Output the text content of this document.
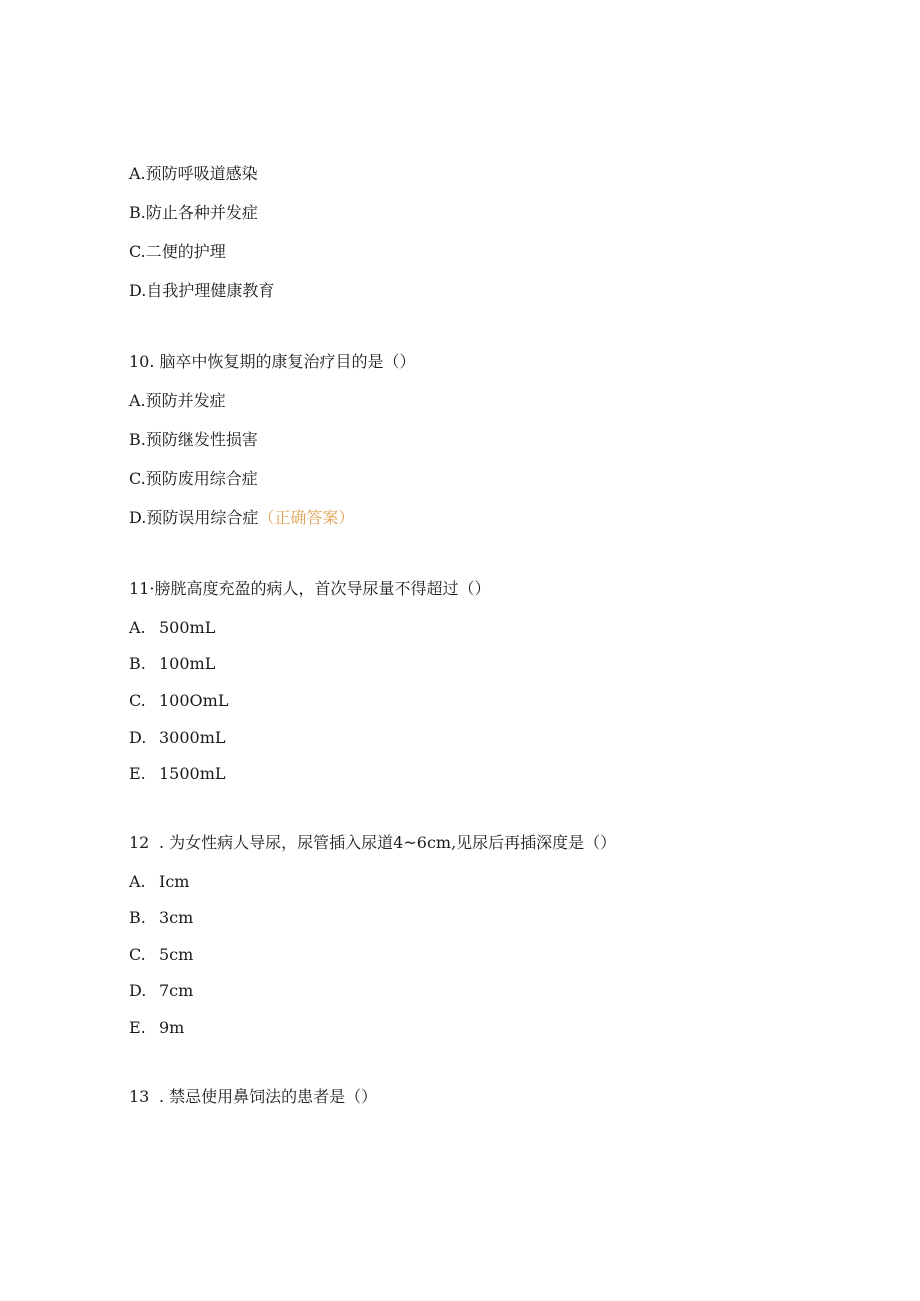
A.预防呼吸道感染
B.防止各种并发症
C.二便的护理
D.自我护理健康教育
10. 脑卒中恢复期的康复治疗目的是（）
A.预防并发症
B.预防继发性损害
C.预防废用综合症
D.预防误用综合症（正确答案）
11·膀胱高度充盈的病人，首次导尿量不得超过（）
A. 500mL
B. 100mL
C. 100OmL
D. 3000mL
E. 1500mL
12 . 为女性病人导尿，尿管插入尿道4~6cm,见尿后再插深度是（）
A. Icm
B. 3cm
C. 5cm
D. 7cm
E. 9m
13 . 禁忌使用鼻饲法的患者是（）
